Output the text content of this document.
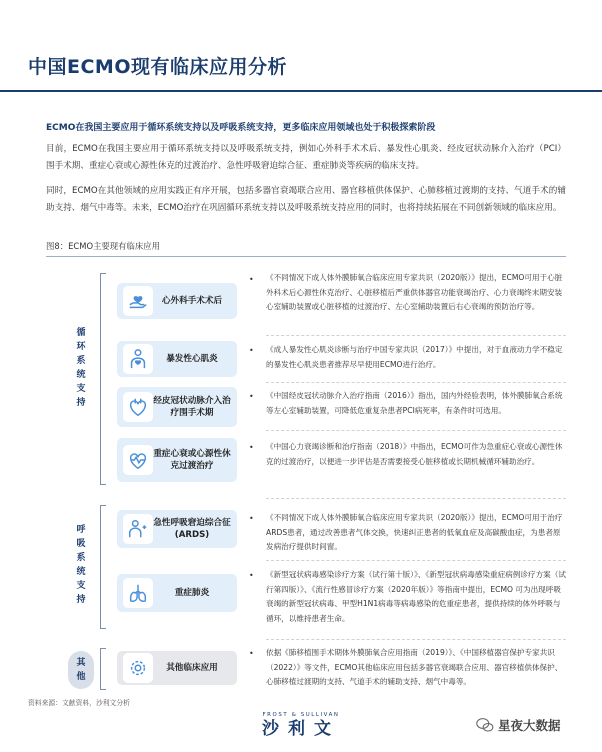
中国ECMO现有临床应用分析
ECMO在我国主要应用于循环系统支持以及呼吸系统支持，更多临床应用领域也处于积极探索阶段
目前，ECMO在我国主要应用于循环系统支持以及呼吸系统支持，例如心外科手术术后、暴发性心肌炎、经皮冠状动脉介入治疗（PCI）围手术期、重症心衰或心源性休克的过渡治疗、急性呼吸窘迫综合征、重症肺炎等疾病的临床支持。
同时，ECMO在其他领域的应用实践正有序开展，包括多器官衰竭联合应用、器官移植供体保护、心肺移植过渡期的支持、气道手术的辅助支持、烟气中毒等。未来，ECMO治疗在巩固循环系统支持以及呼吸系统支持应用的同时，也将持续拓展在不同创新领域的临床应用。
图8：ECMO主要现有临床应用
循环系统支持
呼吸系统支持
其他
心外科手术术后
• 《不同情况下成人体外膜肺氧合临床应用专家共识（2020版）》提出，ECMO可用于心脏外科术后心源性休克治疗、心脏移植后严重供体器官功能衰竭治疗、心力衰竭终末期安装心室辅助装置或心脏移植的过渡治疗、左心室辅助装置后右心衰竭的预防治疗等。
暴发性心肌炎
• 《成人暴发性心肌炎诊断与治疗中国专家共识（2017）》中提出，对于血液动力学不稳定的暴发性心肌炎患者推荐尽早使用ECMO进行治疗。
经皮冠状动脉介入治疗围手术期
• 《中国经皮冠状动脉介入治疗指南（2016）》指出，国内外经验表明，体外膜肺氧合系统等左心室辅助装置，可降低危重复杂患者PCI病死率，有条件时可选用。
重症心衰或心源性休克过渡治疗
• 《中国心力衰竭诊断和治疗指南（2018）》中指出，ECMO可作为急重症心衰或心源性休克的过渡治疗，以便进一步评估是否需要接受心脏移植或长期机械循环辅助治疗。
急性呼吸窘迫综合征 (ARDS)
• 《不同情况下成人体外膜肺氧合临床应用专家共识（2020版）》提出，ECMO可用于治疗ARDS患者，通过改善患者气体交换，快速纠正患者的低氧血症及高碳酸血症，为患者原发病治疗提供时间窗。
重症肺炎
• 《新型冠状病毒感染诊疗方案（试行第十版）》、《新型冠状病毒感染重症病例诊疗方案（试行第四版）》、《流行性感冒诊疗方案（2020年版）》等指南中提出，ECMO 可为出现呼吸衰竭的新型冠状病毒、甲型H1N1病毒等病毒感染的危重症患者，提供持续的体外呼吸与循环，以维持患者生命。
其他临床应用
• 依据《肺移植围手术期体外膜肺氧合应用指南（2019）》、《中国移植器官保护专家共识（2022）》等文件，ECMO其他临床应用包括多器官衰竭联合应用、器官移植供体保护、心肺移植过渡期的支持、气道手术的辅助支持、烟气中毒等。
资料来源：文献资料，沙利文分析
FROST & SULLIVAN
沙利文	星夜大数据
